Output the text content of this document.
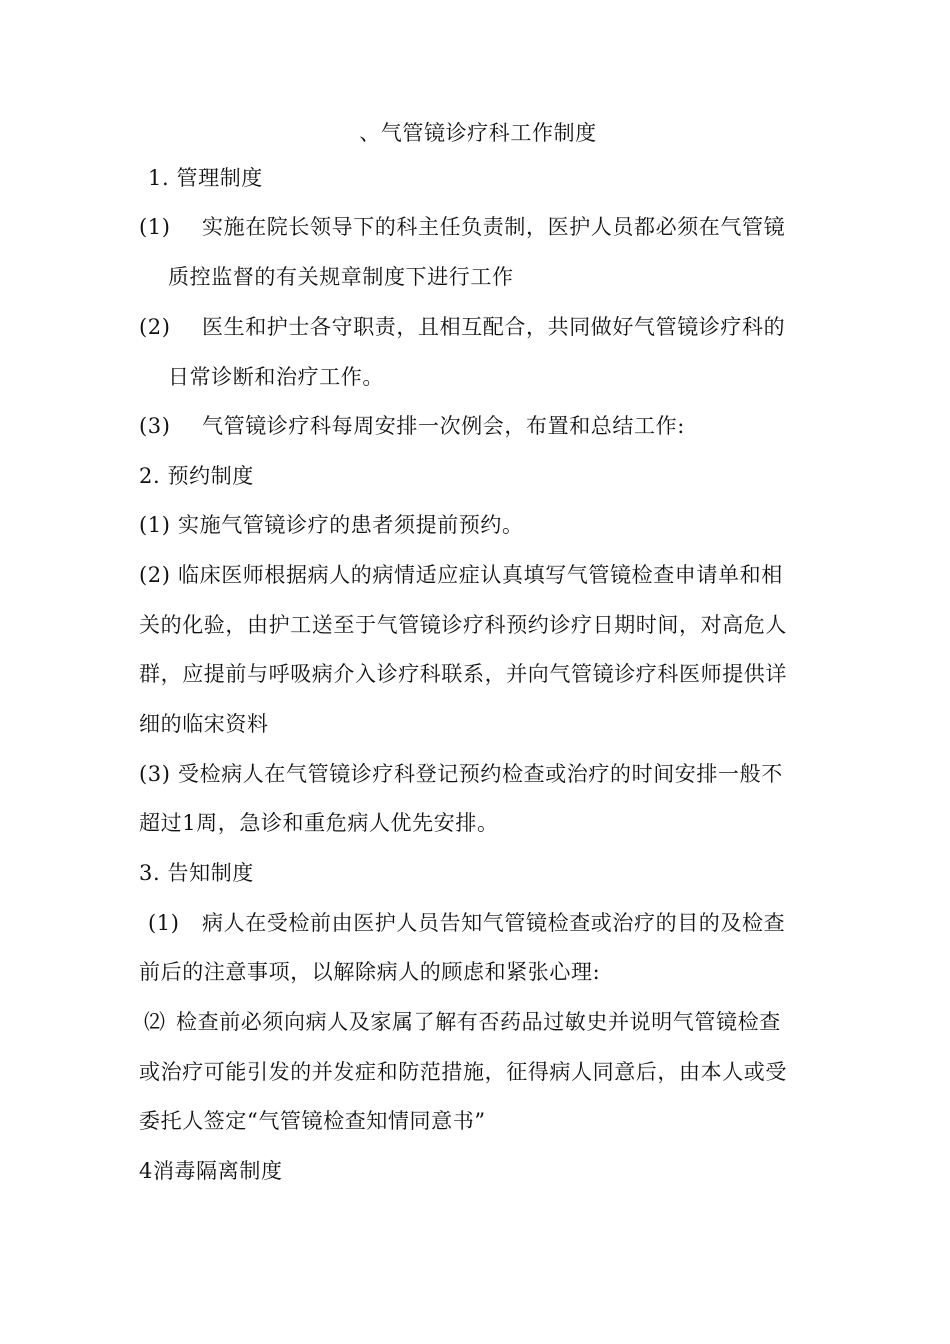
、气管镜诊疗科工作制度
1. 管理制度
(1) 实施在院长领导下的科主任负责制，医护人员都必须在气管镜
质控监督的有关规章制度下进行工作
(2) 医生和护士各守职责，且相互配合，共同做好气管镜诊疗科的
日常诊断和治疗工作。
(3) 气管镜诊疗科每周安排一次例会，布置和总结工作:
2. 预约制度
(1) 实施气管镜诊疗的患者须提前预约。
(2) 临床医师根据病人的病情适应症认真填写气管镜检查申请单和相
关的化验，由护工送至于气管镜诊疗科预约诊疗日期时间，对高危人
群，应提前与呼吸病介入诊疗科联系，并向气管镜诊疗科医师提供详
细的临宋资料
(3) 受检病人在气管镜诊疗科登记预约检查或治疗的时间安排一般不
超过1周，急诊和重危病人优先安排。
3. 告知制度
(1) 病人在受检前由医护人员告知气管镜检查或治疗的目的及检查
前后的注意事项，以解除病人的顾虑和紧张心理:
⑵ 检查前必须向病人及家属了解有否药品过敏史并说明气管镜检查
或治疗可能引发的并发症和防范措施，征得病人同意后，由本人或受
委托人签定“气管镜检查知情同意书”
4消毒隔离制度
